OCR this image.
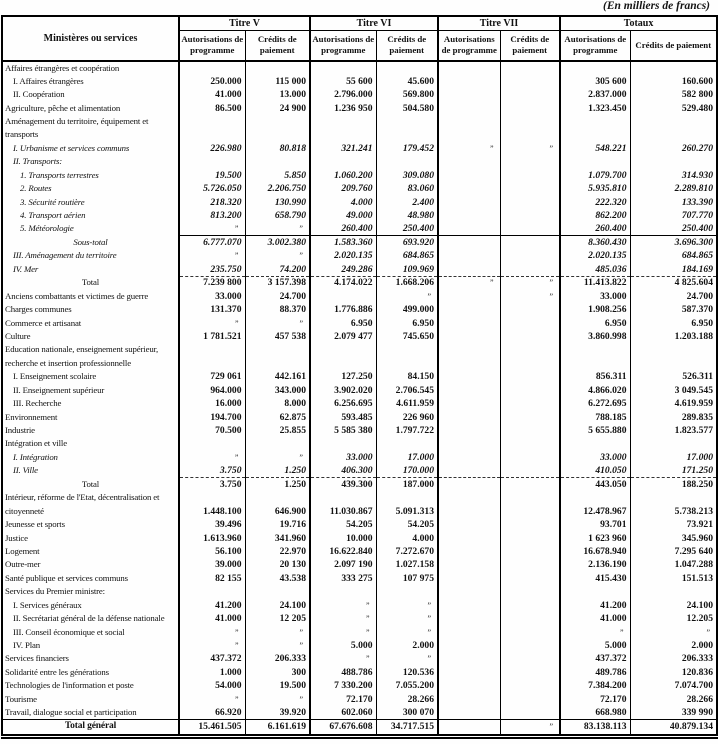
(En milliers de francs)
Ministères ou services	Titre V		Titre VI		Titre VII		Totaux	
	Autorisations de programme	Crédits de paiement	Autorisations de programme	Crédits de paiement	Autorisations de programme	Crédits de paiement	Autorisations de programme	Crédits de paiement
Affaires étrangères et coopération								
I. Affaires étrangères	250.000	115 000	55 600	45.600			305 600	160.600
II. Coopération	41.000	13.000	2.796.000	569.800			2.837.000	582 800
Agriculture, pêche et alimentation	86.500	24 900	1.236 950	504.580			1.323.450	529.480
Aménagement du territoire, équipement et								
transports								
I. Urbanisme et services communs	226.980	80.818	321.241	179.452	”	”	548.221	260.270
II. Transports:								
1. Transports terrestres	19.500	5.850	1.060.200	309.080			1.079.700	314.930
2. Routes	5.726.050	2.206.750	209.760	83.060			5.935.810	2.289.810
3. Sécurité routière	218.320	130.990	4.000	2.400			222.320	133.390
4. Transport aérien	813.200	658.790	49.000	48.980			862.200	707.770
5. Météorologie	”	”	260.400	250.400			260.400	250.400
Sous-total	6.777.070	3.002.380	1.583.360	693.920			8.360.430	3.696.300
III. Aménagement du territoire	”	”	2.020.135	684.865			2.020.135	684.865
IV. Mer	235.750	74.200	249.286	109.969			485.036	184.169
Total	7.239 800	3 157.398	4.174.022	1.668.206	”	”	11.413.822	4 825.604
Anciens combattants et victimes de guerre	33.000	24.700		”		”	33.000	24.700
Charges communes	131.370	88.370	1.776.886	499.000			1.908.256	587.370
Commerce et artisanat	”	”	6.950	6.950			6.950	6.950
Culture	1 781.521	457 538	2.079 477	745.650			3.860.998	1.203.188
Education nationale, enseignement supérieur,								
recherche et insertion professionnelle								
I. Enseignement scolaire	729 061	442.161	127.250	84.150			856.311	526.311
II. Enseignement supérieur	964.000	343.000	3.902.020	2.706.545			4.866.020	3 049.545
III. Recherche	16.000	8.000	6.256.695	4.611.959			6.272.695	4.619.959
Environnement	194.700	62.875	593.485	226 960			788.185	289.835
Industrie	70.500	25.855	5 585 380	1.797.722			5 655.880	1.823.577
Intégration et ville								
I. Intégration	”	”	33.000	17.000			33.000	17.000
II. Ville	3.750	1.250	406.300	170.000			410.050	171.250
Total	3.750	1.250	439.300	187.000			443.050	188.250
Intérieur, réforme de l'Etat, décentralisation et								
citoyenneté	1.448.100	646.900	11.030.867	5.091.313			12.478.967	5.738.213
Jeunesse et sports	39.496	19.716	54.205	54.205			93.701	73.921
Justice	1.613.960	341.960	10.000	4.000			1 623 960	345.960
Logement	56.100	22.970	16.622.840	7.272.670			16.678.940	7.295 640
Outre-mer	39.000	20 130	2.097 190	1.027.158			2.136.190	1.047.288
Santé publique et services communs	82 155	43.538	333 275	107 975			415.430	151.513
Services du Premier ministre:								
I. Services généraux	41.200	24.100	”	”			41.200	24.100
II. Secrétariat général de la défense nationale	41.000	12 205	”	”			41.000	12.205
III. Conseil économique et social	”	”	”	”			”	”
IV. Plan	”	”	5.000	2.000			5.000	2.000
Services financiers	437.372	206.333	”	”			437.372	206.333
Solidarité entre les générations	1.000	300	488.786	120.536			489.786	120.836
Technologies de l'information et poste	54.000	19.500	7 330.200	7.055.200			7.384.200	7.074.700
Tourisme	”	”	72.170	28.266			72.170	28.266
Travail, dialogue social et participation	66.920	39.920	602.060	300 070			668.980	339 990
Total général	15.461.505	6.161.619	67.676.608	34.717.515		”	83.138.113	40.879.134
